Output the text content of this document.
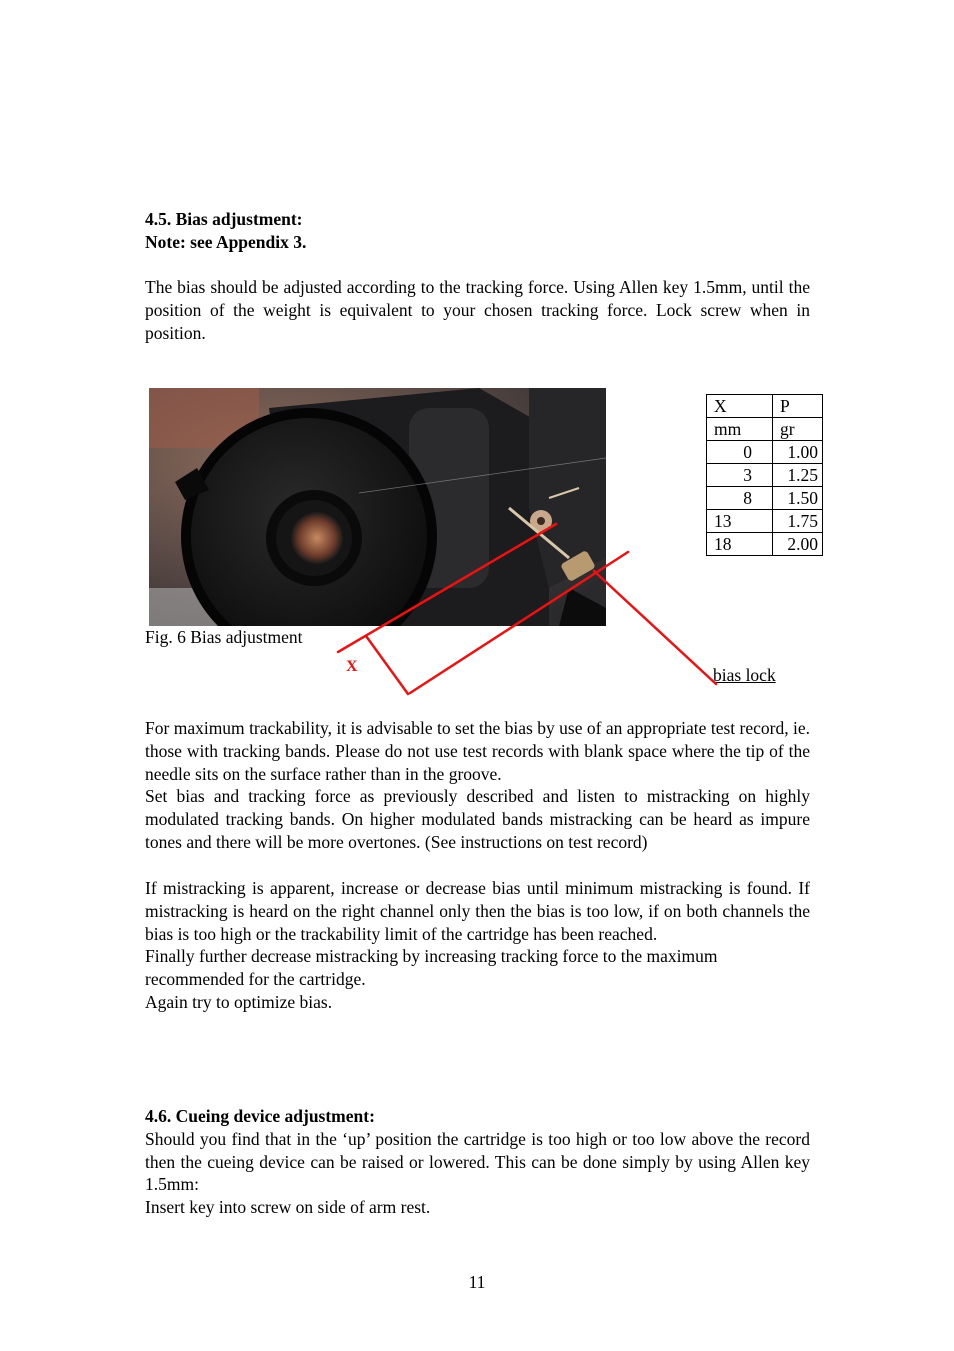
4.5. Bias adjustment:

Note: see Appendix 3.

The bias should be adjusted according to the tracking force. Using Allen key 1.5mm, until the position of the weight is equivalent to your chosen tracking force. Lock screw when in position.
X	P
mm	gr
0	1.00
3	1.25
8	1.50
13	1.75
18	2.00
Fig. 6 Bias adjustment
X	bias lock

For maximum trackability, it is advisable to set the bias by use of an appropriate test record, ie. those with tracking bands. Please do not use test records with blank space where the tip of the needle sits on the surface rather than in the groove.

Set bias and tracking force as previously described and listen to mistracking on highly modulated tracking bands. On higher modulated bands mistracking can be heard as impure tones and there will be more overtones. (See instructions on test record)

If mistracking is apparent, increase or decrease bias until minimum mistracking is found. If mistracking is heard on the right channel only then the bias is too low, if on both channels the bias is too high or the trackability limit of the cartridge has been reached.

Finally further decrease mistracking by increasing tracking force to the maximum

recommended for the cartridge.

Again try to optimize bias.

4.6. Cueing device adjustment:

Should you find that in the ‘up’ position the cartridge is too high or too low above the record then the cueing device can be raised or lowered. This can be done simply by using Allen key 1.5mm:

Insert key into screw on side of arm rest.

11
